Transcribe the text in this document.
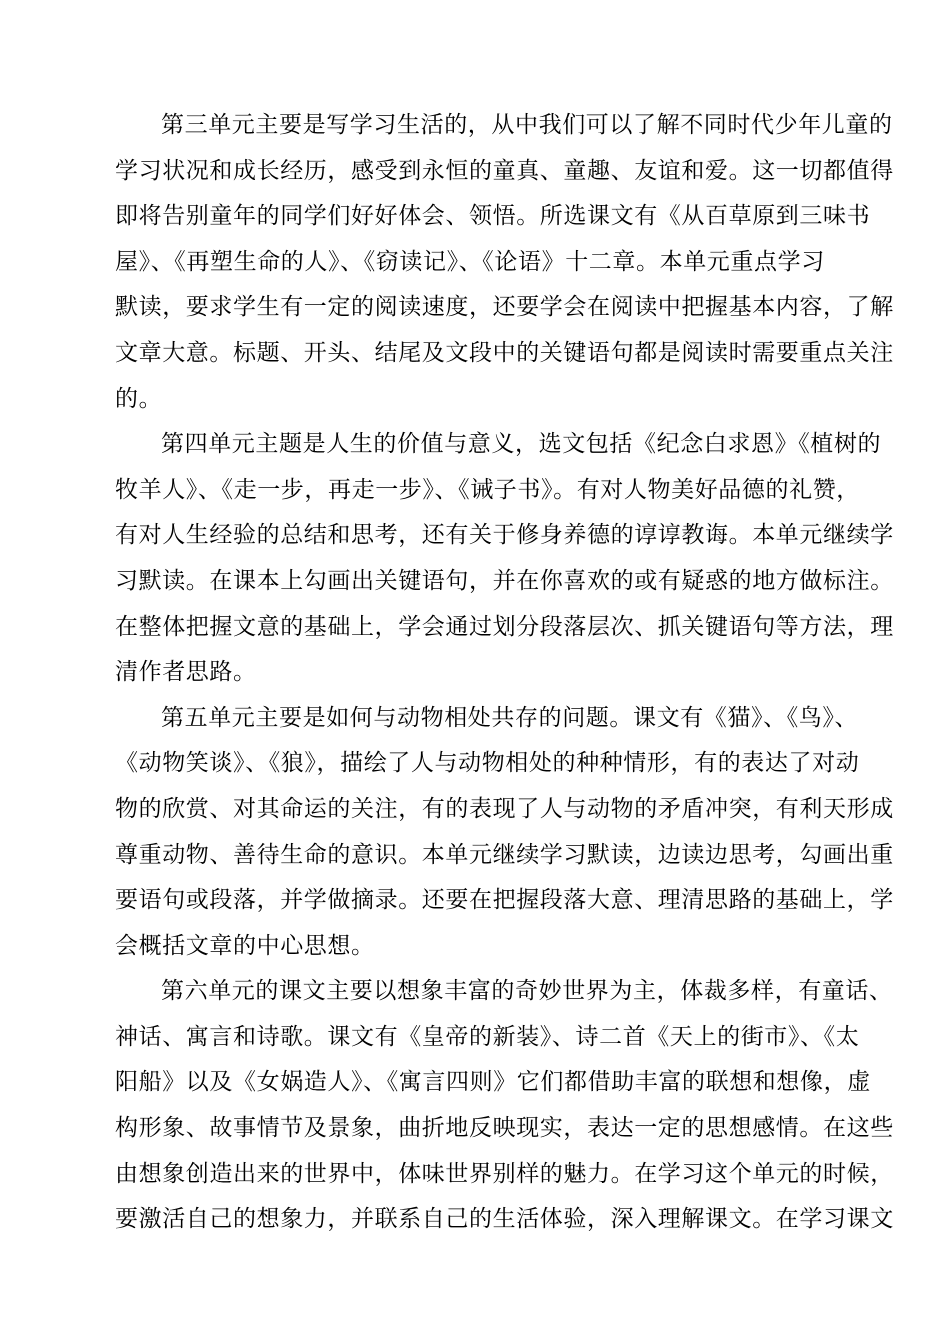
第三单元主要是写学习生活的，从中我们可以了解不同时代少年儿童的
学习状况和成长经历，感受到永恒的童真、童趣、友谊和爱。这一切都值得
即将告别童年的同学们好好体会、领悟。所选课文有《从百草原到三味书
屋》、《再塑生命的人》、《窃读记》、《论语》十二章。本单元重点学习
默读，要求学生有一定的阅读速度，还要学会在阅读中把握基本内容，了解
文章大意。标题、开头、结尾及文段中的关键语句都是阅读时需要重点关注
的。
第四单元主题是人生的价值与意义，选文包括《纪念白求恩》《植树的
牧羊人》、《走一步，再走一步》、《诫子书》。有对人物美好品德的礼赞，
有对人生经验的总结和思考，还有关于修身养德的谆谆教诲。本单元继续学
习默读。在课本上勾画出关键语句，并在你喜欢的或有疑惑的地方做标注。
在整体把握文意的基础上，学会通过划分段落层次、抓关键语句等方法，理
清作者思路。
第五单元主要是如何与动物相处共存的问题。课文有《猫》、《鸟》、
《动物笑谈》、《狼》，描绘了人与动物相处的种种情形，有的表达了对动
物的欣赏、对其命运的关注，有的表现了人与动物的矛盾冲突，有利天形成
尊重动物、善待生命的意识。本单元继续学习默读，边读边思考，勾画出重
要语句或段落，并学做摘录。还要在把握段落大意、理清思路的基础上，学
会概括文章的中心思想。
第六单元的课文主要以想象丰富的奇妙世界为主，体裁多样，有童话、
神话、寓言和诗歌。课文有《皇帝的新装》、诗二首《天上的街市》、《太
阳船》以及《女娲造人》、《寓言四则》它们都借助丰富的联想和想像，虚
构形象、故事情节及景象，曲折地反映现实，表达一定的思想感情。在这些
由想象创造出来的世界中，体味世界别样的魅力。在学习这个单元的时候，
要激活自己的想象力，并联系自己的生活体验，深入理解课文。在学习课文
